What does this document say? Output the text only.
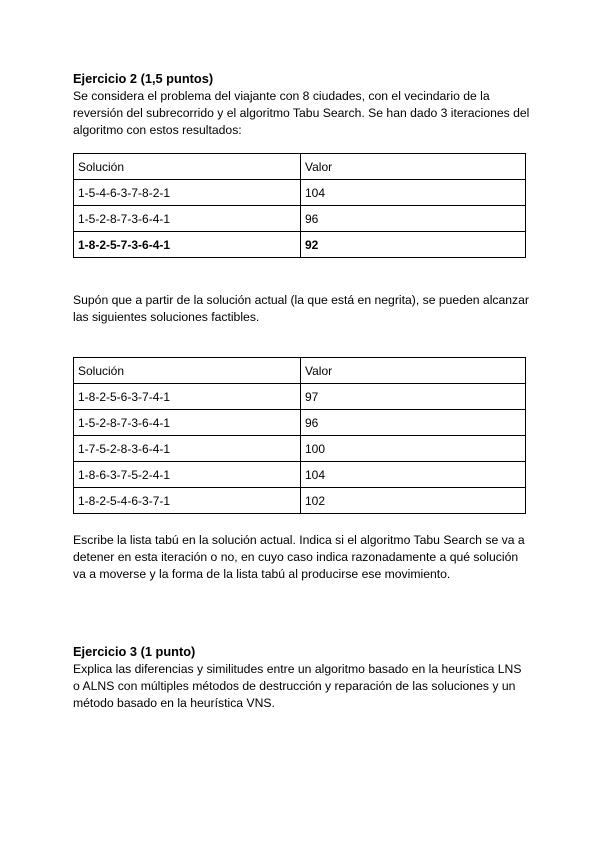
Ejercicio 2 (1,5 puntos)

Se considera el problema del viajante con 8 ciudades, con el vecindario de la
reversión del subrecorrido y el algoritmo Tabu Search. Se han dado 3 iteraciones del
algoritmo con estos resultados:
Solución	Valor
1-5-4-6-3-7-8-2-1	104
1-5-2-8-7-3-6-4-1	96
1-8-2-5-7-3-6-4-1	92
Supón que a partir de la solución actual (la que está en negrita), se pueden alcanzar
las siguientes soluciones factibles.
Solución	Valor
1-8-2-5-6-3-7-4-1	97
1-5-2-8-7-3-6-4-1	96
1-7-5-2-8-3-6-4-1	100
1-8-6-3-7-5-2-4-1	104
1-8-2-5-4-6-3-7-1	102
Escribe la lista tabú en la solución actual. Indica si el algoritmo Tabu Search se va a
detener en esta iteración o no, en cuyo caso indica razonadamente a qué solución
va a moverse y la forma de la lista tabú al producirse ese movimiento.

Ejercicio 3 (1 punto)

Explica las diferencias y similitudes entre un algoritmo basado en la heurística LNS
o ALNS con múltiples métodos de destrucción y reparación de las soluciones y un
método basado en la heurística VNS.
